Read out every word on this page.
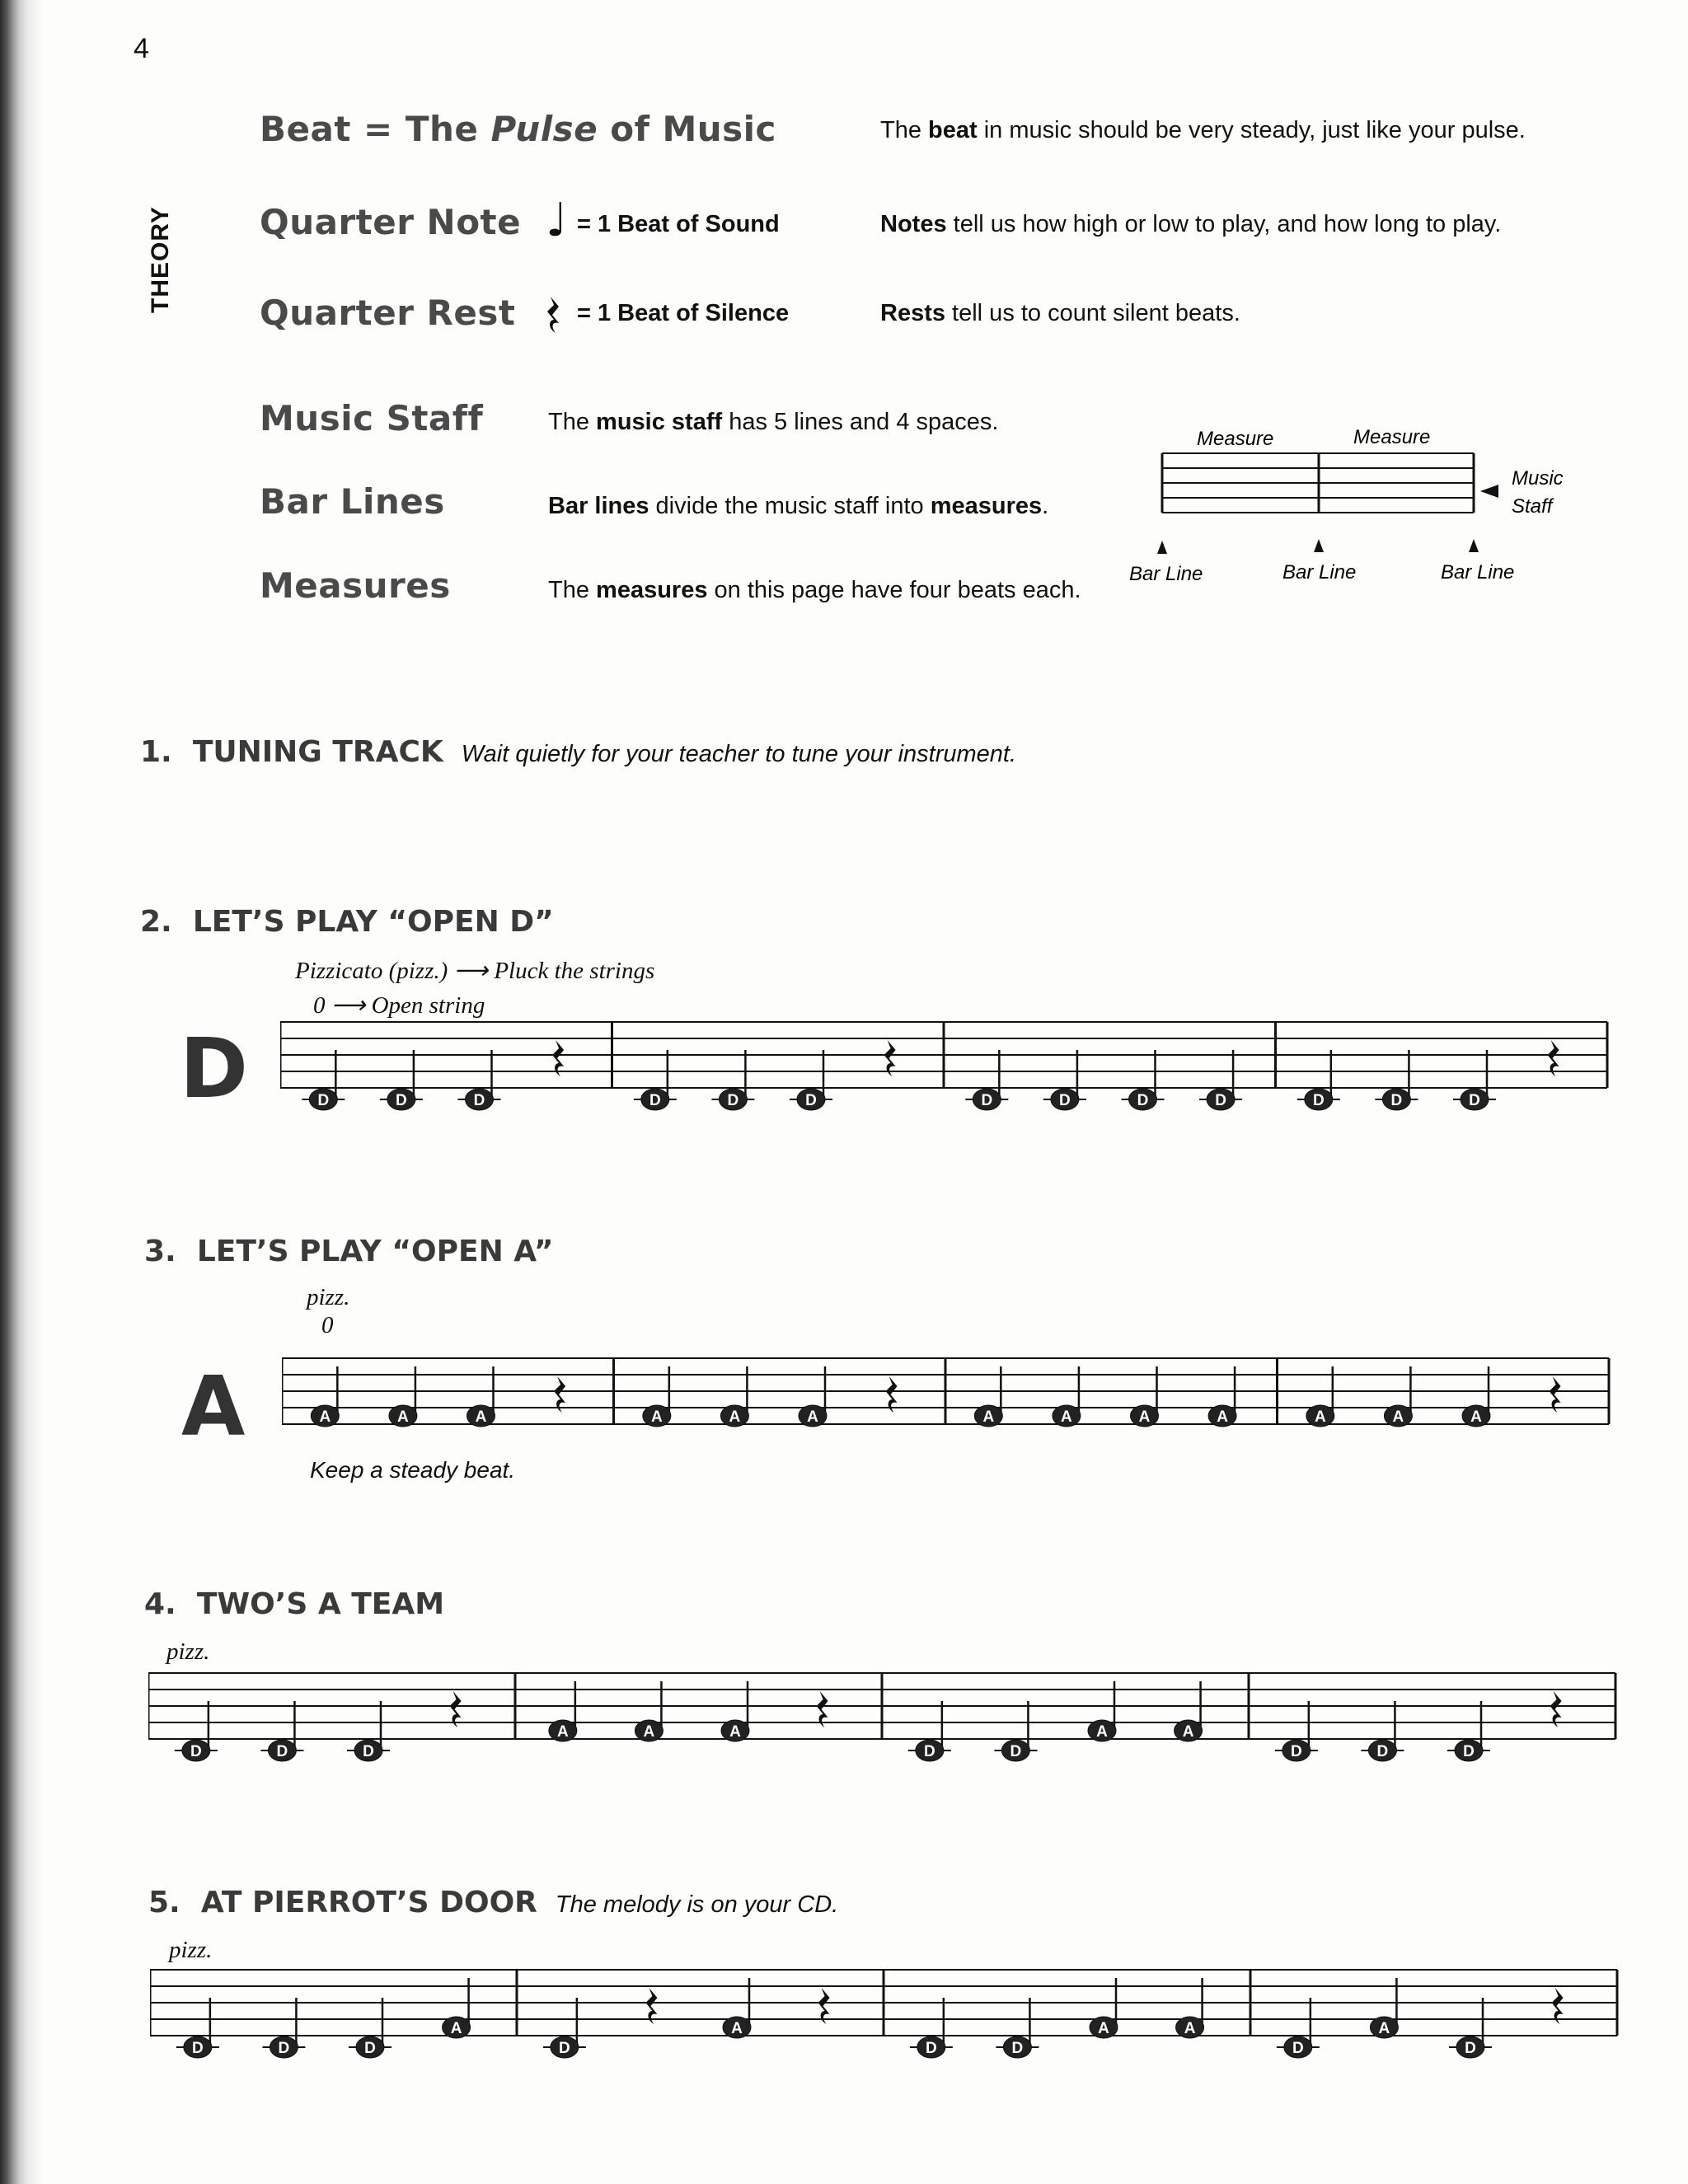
4
THEORY
Beat = The Pulse of Music	The beat in music should be very steady, just like your pulse.
Quarter Note ♩ = 1 Beat of Sound	Notes tell us how high or low to play, and how long to play.
Quarter Rest	= 1 Beat of Silence	Rests tell us to count silent beats.
Music Staff	The music staff has 5 lines and 4 spaces.
Bar Lines	Bar lines divide the music staff into measures.
Measures	The measures on this page have four beats each.
Measure	Measure
Music
Staff
Bar Line	Bar Line	Bar Line
1. TUNING TRACK Wait quietly for your teacher to tune your instrument.
2. LET’S PLAY “OPEN D”
Pizzicato (pizz.) ⟶ Pluck the strings
0 ⟶ Open string
D	D	D	D	D	D	D	D	D	D	D	D	D	D
3. LET’S PLAY “OPEN A”
pizz.
0
A	A	A	A	A	A	A	A	A	A	A	A	A	A
Keep a steady beat.
4. TWO’S A TEAM
pizz.
D	D	D
A	A	A
D	D
A	A
D	D	D
5. AT PIERROT’S DOOR The melody is on your CD.
pizz.
D	D	D
A
D
A
D	D
A	A
D
A
D
